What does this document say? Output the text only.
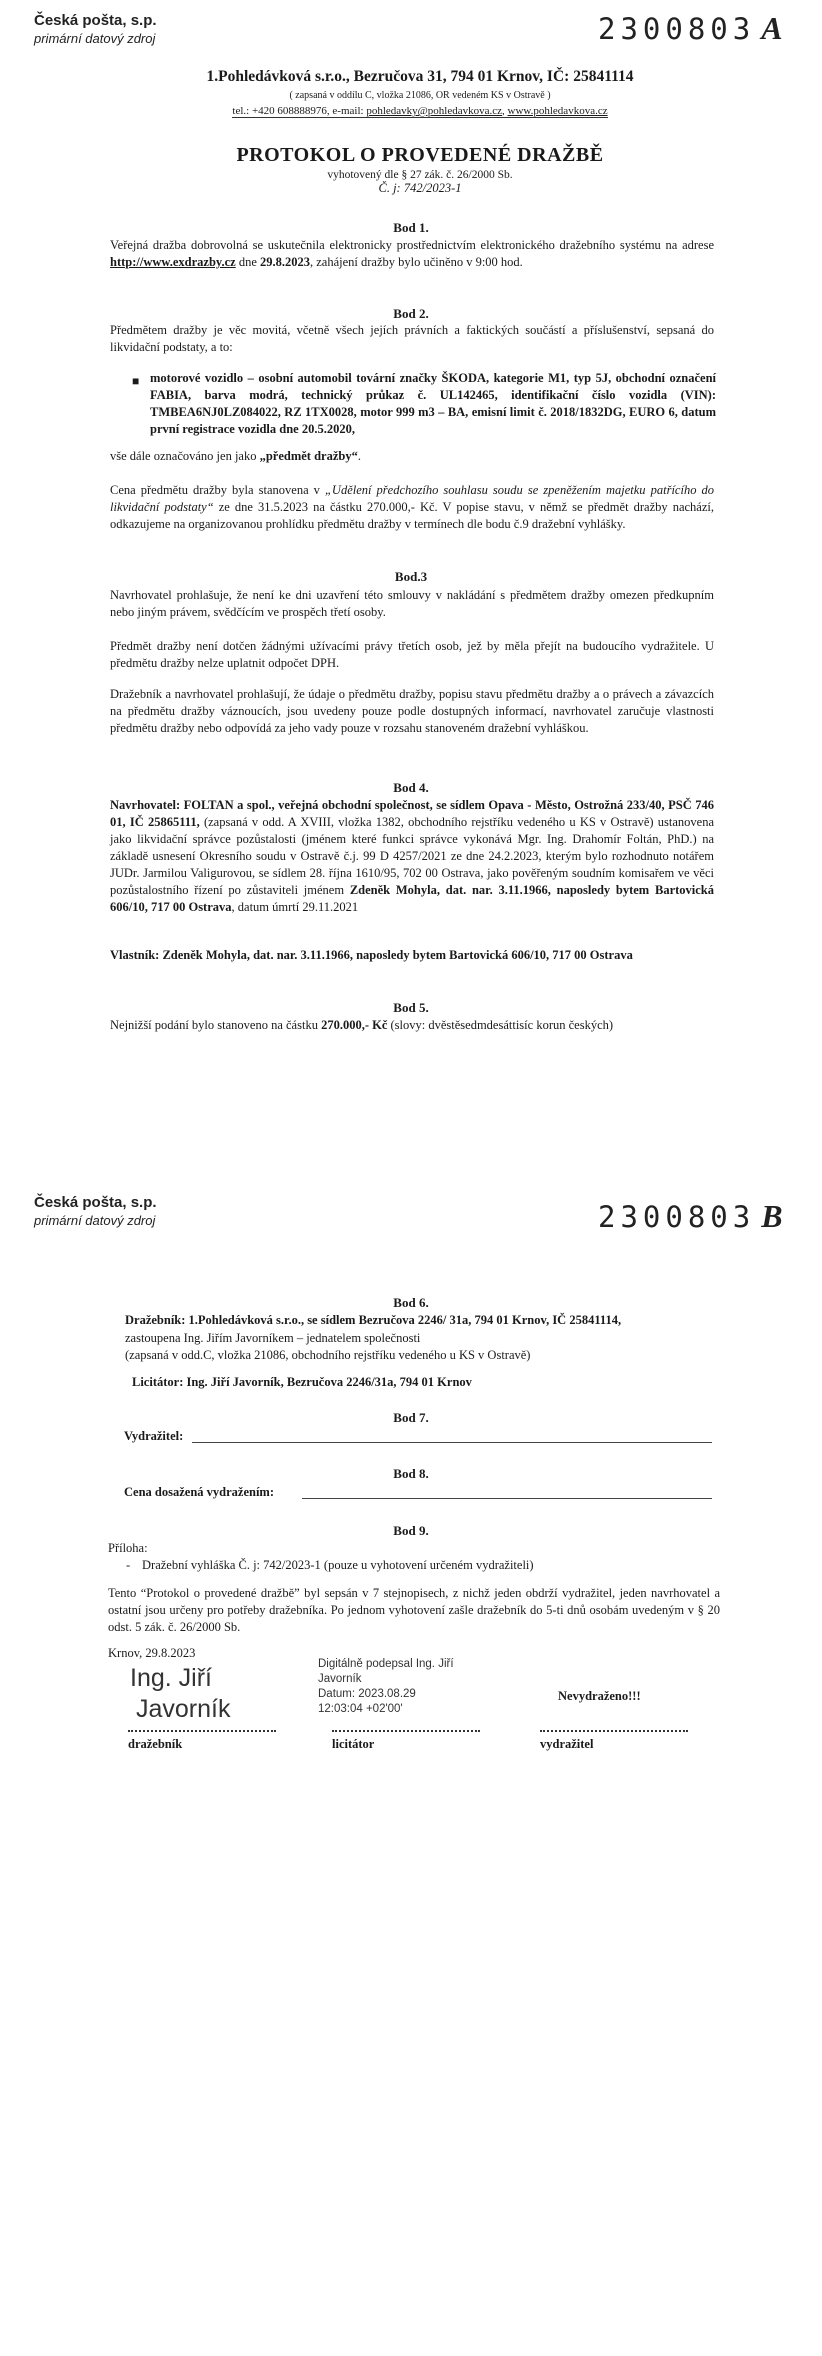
Česká pošta, s.p.
primární datový zdroj	2300803 A
1.Pohledávková s.r.o., Bezručova 31, 794 01 Krnov, IČ: 25841114
( zapsaná v oddílu C, vložka 21086, OR vedeném KS v Ostravě )
tel.: +420 608888976, e-mail: pohledavky@pohledavkova.cz, www.pohledavkova.cz
PROTOKOL O PROVEDENÉ DRAŽBĚ
vyhotovený dle § 27 zák. č. 26/2000 Sb.
Č. j: 742/2023-1
Bod 1.
Veřejná dražba dobrovolná se uskutečnila elektronicky prostřednictvím elektronického dražebního systému na adrese http://www.exdrazby.cz dne 29.8.2023, zahájení dražby bylo učiněno v 9:00 hod.
Bod 2.
Předmětem dražby je věc movitá, včetně všech jejích právních a faktických součástí a příslušenství, sepsaná do likvidační podstaty, a to:
■ motorové vozidlo – osobní automobil tovární značky ŠKODA, kategorie M1, typ 5J, obchodní označení FABIA, barva modrá, technický průkaz č. UL142465, identifikační číslo vozidla (VIN): TMBEA6NJ0LZ084022, RZ 1TX0028, motor 999 m3 – BA, emisní limit č. 2018/1832DG, EURO 6, datum první registrace vozidla dne 20.5.2020,
vše dále označováno jen jako „předmět dražby“.
Cena předmětu dražby byla stanovena v „Udělení předchozího souhlasu soudu se zpeněžením majetku patřícího do likvidační podstaty“ ze dne 31.5.2023 na částku 270.000,- Kč. V popise stavu, v němž se předmět dražby nachází, odkazujeme na organizovanou prohlídku předmětu dražby v termínech dle bodu č.9 dražební vyhlášky.
Bod.3
Navrhovatel prohlašuje, že není ke dni uzavření této smlouvy v nakládání s předmětem dražby omezen předkupním nebo jiným právem, svědčícím ve prospěch třetí osoby.
Předmět dražby není dotčen žádnými užívacími právy třetích osob, jež by měla přejít na budoucího vydražitele. U předmětu dražby nelze uplatnit odpočet DPH.
Dražebník a navrhovatel prohlašují, že údaje o předmětu dražby, popisu stavu předmětu dražby a o právech a závazcích na předmětu dražby váznoucích, jsou uvedeny pouze podle dostupných informací, navrhovatel zaručuje vlastnosti předmětu dražby nebo odpovídá za jeho vady pouze v rozsahu stanoveném dražební vyhláškou.
Bod 4.
Navrhovatel: FOLTAN a spol., veřejná obchodní společnost, se sídlem Opava - Město, Ostrožná 233/40, PSČ 746 01, IČ 25865111, (zapsaná v odd. A XVIII, vložka 1382, obchodního rejstříku vedeného u KS v Ostravě) ustanovena jako likvidační správce pozůstalosti (jménem které funkci správce vykonává Mgr. Ing. Drahomír Foltán, PhD.) na základě usnesení Okresního soudu v Ostravě č.j. 99 D 4257/2021 ze dne 24.2.2023, kterým bylo rozhodnuto notářem JUDr. Jarmilou Valigurovou, se sídlem 28. října 1610/95, 702 00 Ostrava, jako pověřeným soudním komisařem ve věci pozůstalostního řízení po zůstaviteli jménem Zdeněk Mohyla, dat. nar. 3.11.1966, naposledy bytem Bartovická 606/10, 717 00 Ostrava, datum úmrtí 29.11.2021
Vlastník: Zdeněk Mohyla, dat. nar. 3.11.1966, naposledy bytem Bartovická 606/10, 717 00 Ostrava
Bod 5.
Nejnižší podání bylo stanoveno na částku 270.000,- Kč (slovy: dvěstěsedmdesáttisíc korun českých)
Česká pošta, s.p.
primární datový zdroj	2300803 B
Bod 6.
Dražebník: 1.Pohledávková s.r.o., se sídlem Bezručova 2246/ 31a, 794 01 Krnov, IČ 25841114,
zastoupena Ing. Jiřím Javorníkem – jednatelem společnosti
(zapsaná v odd.C, vložka 21086, obchodního rejstříku vedeného u KS v Ostravě)
Licitátor: Ing. Jiří Javorník, Bezručova 2246/31a, 794 01 Krnov
Bod 7.
Vydražitel:
Bod 8.
Cena dosažená vydražením:
Bod 9.
Příloha:
- Dražební vyhláška Č. j: 742/2023-1 (pouze u vyhotovení určeném vydražiteli)
Tento “Protokol o provedené dražbě” byl sepsán v 7 stejnopisech, z nichž jeden obdrží vydražitel, jeden navrhovatel a ostatní jsou určeny pro potřeby dražebníka. Po jednom vyhotovení zašle dražebník do 5-ti dnů osobám uvedeným v § 20 odst. 5 zák. č. 26/2000 Sb.
Krnov, 29.8.2023
Ing. Jiří
Javorník
dražebník
Digitálně podepsal Ing. Jiří
Javorník
Datum: 2023.08.29
12:03:04 +02'00'
licitátor
Nevydraženo!!!
vydražitel
